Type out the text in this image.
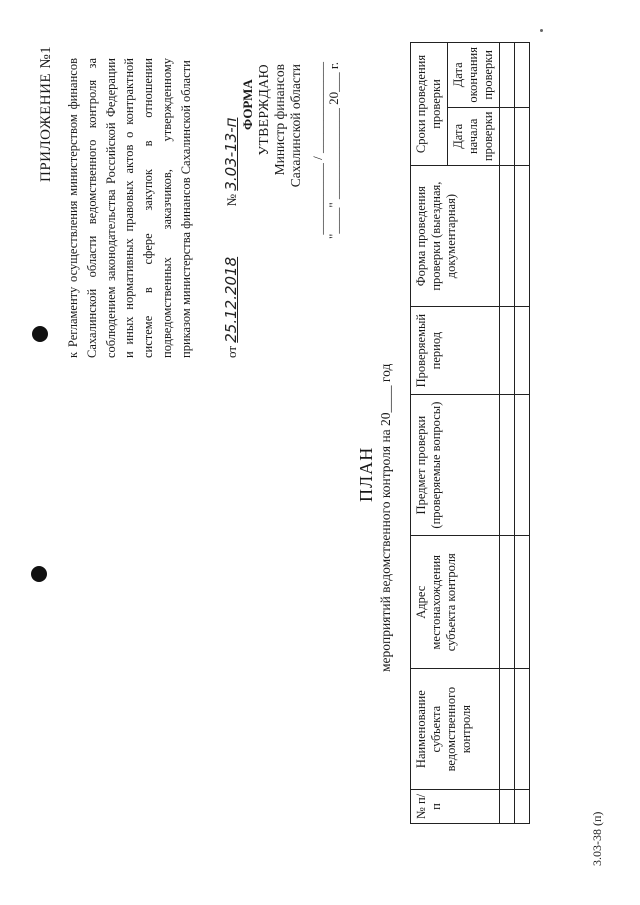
ПРИЛОЖЕНИЕ №1 к Регламенту осуществления министерством финансов Сахалинской области ведомственного контроля за соблюдением законодательства Российской Федерации и иных нормативных правовых актов о контрактной системе в сфере закупок в отношении подведомственных заказчиков, утвержденному приказом министерства финансов Сахалинской области от 25.12.2018  № 3.03-13-п
ФОРМА УТВЕРЖДАЮ Министр финансов Сахалинской области ___________ / ______________ "____" ______________ 20___ г.
ПЛАН мероприятий ведомственного контроля на 20____ год
№ п/п	Наименование субъекта ведомственного контроля	Адрес местонахождения субъекта контроля	Предмет проверки (проверяемые вопросы)	Проверяемый период	Форма проведения проверки (выездная, документарная)	Сроки проведения проверки	
						Дата начала проверки	Дата окончания проверки

3.03-38 (п)
